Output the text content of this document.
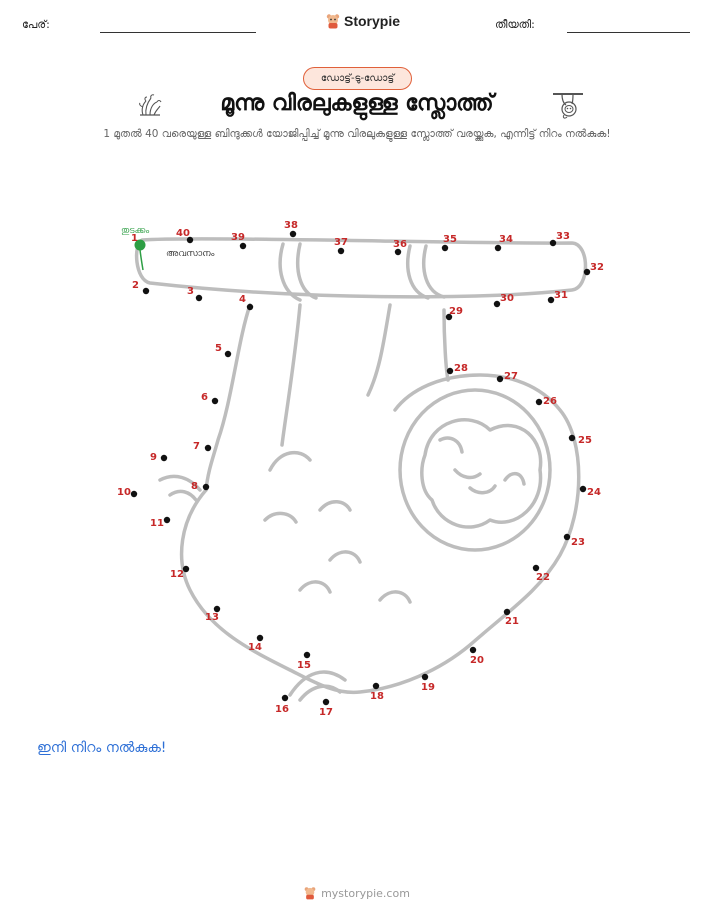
പേര്:	Storypie	തീയതി:
ഡോട്ട്-ടു-ഡോട്ട്
മൂന്നു വിരലുകളുള്ള സ്ലോത്ത്
1 മുതൽ 40 വരെയുള്ള ബിന്ദുക്കൾ യോജിപ്പിച്ച് മൂന്നു വിരലുകളുള്ള സ്ലോത്ത് വരയ്ക്കുക, എന്നിട്ട് നിറം നൽകുക!
തുടക്കം
അവസാനം
1
2
3
4
5
6
7
8
9
10
11
12
13
14
15
16	17
18
19
20
21
22
23
24
25
26
27
28
29
30	31
32
33
34
35
36
37
38
39
40
ഇനി നിറം നൽകുക!
mystorypie.com
